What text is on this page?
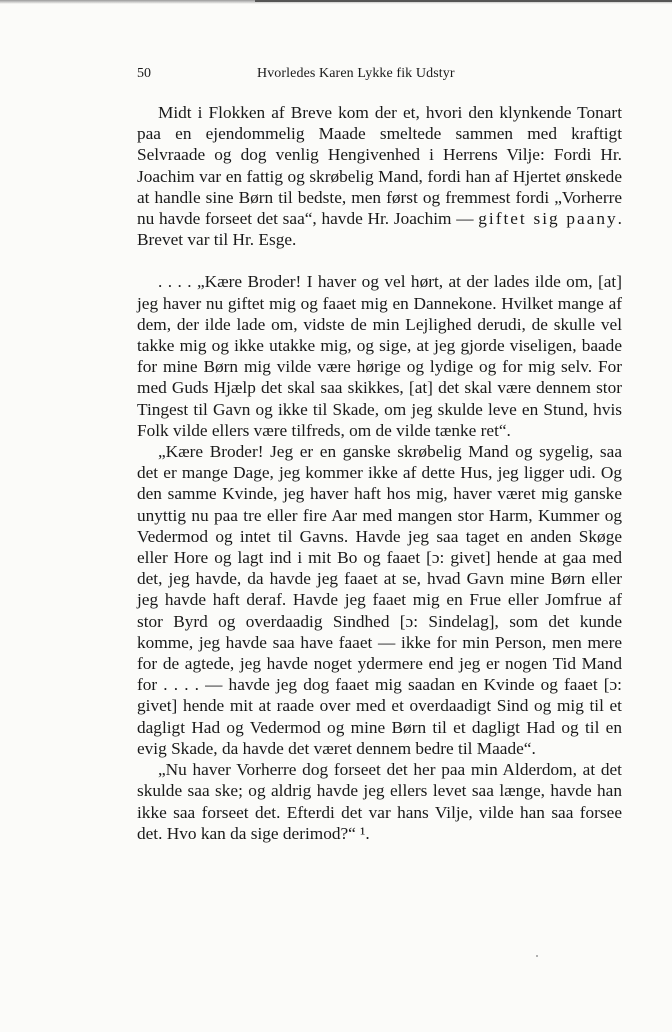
50	Hvorledes Karen Lykke fik Udstyr

Midt i Flokken af Breve kom der et, hvori den klynkende Tonart paa en ejendommelig Maade smeltede sammen med kraftigt Selvraade og dog venlig Hengivenhed i Herrens Vilje: Fordi Hr. Joachim var en fattig og skrøbelig Mand, fordi han af Hjertet ønskede at handle sine Børn til bedste, men først og fremmest fordi „Vorherre nu havde forseet det saa“, havde Hr. Joachim — giftet sig paany. Brevet var til Hr. Esge.

. . . . „Kære Broder! I haver og vel hørt, at der lades ilde om, [at] jeg haver nu giftet mig og faaet mig en Dannekone. Hvilket mange af dem, der ilde lade om, vidste de min Lejlighed derudi, de skulle vel takke mig og ikke utakke mig, og sige, at jeg gjorde viseligen, baade for mine Børn mig vilde være hørige og lydige og for mig selv. For med Guds Hjælp det skal saa skikkes, [at] det skal være dennem stor Tingest til Gavn og ikke til Skade, om jeg skulde leve en Stund, hvis Folk vilde ellers være tilfreds, om de vilde tænke ret“.

„Kære Broder! Jeg er en ganske skrøbelig Mand og sygelig, saa det er mange Dage, jeg kommer ikke af dette Hus, jeg ligger udi. Og den samme Kvinde, jeg haver haft hos mig, haver været mig ganske unyttig nu paa tre eller fire Aar med mangen stor Harm, Kummer og Vedermod og intet til Gavns. Havde jeg saa taget en anden Skøge eller Hore og lagt ind i mit Bo og faaet [ɔ: givet] hende at gaa med det, jeg havde, da havde jeg faaet at se, hvad Gavn mine Børn eller jeg havde haft deraf. Havde jeg faaet mig en Frue eller Jomfrue af stor Byrd og overdaadig Sindhed [ɔ: Sindelag], som det kunde komme, jeg havde saa have faaet — ikke for min Person, men mere for de agtede, jeg havde noget ydermere end jeg er nogen Tid Mand for . . . . — havde jeg dog faaet mig saadan en Kvinde og faaet [ɔ: givet] hende mit at raade over med et overdaadigt Sind og mig til et dagligt Had og Vedermod og mine Børn til et dagligt Had og til en evig Skade, da havde det været dennem bedre til Maade“.

„Nu haver Vorherre dog forseet det her paa min Alderdom, at det skulde saa ske; og aldrig havde jeg ellers levet saa længe, havde han ikke saa forseet det. Efterdi det var hans Vilje, vilde han saa forsee det. Hvo kan da sige derimod?“ ¹.
